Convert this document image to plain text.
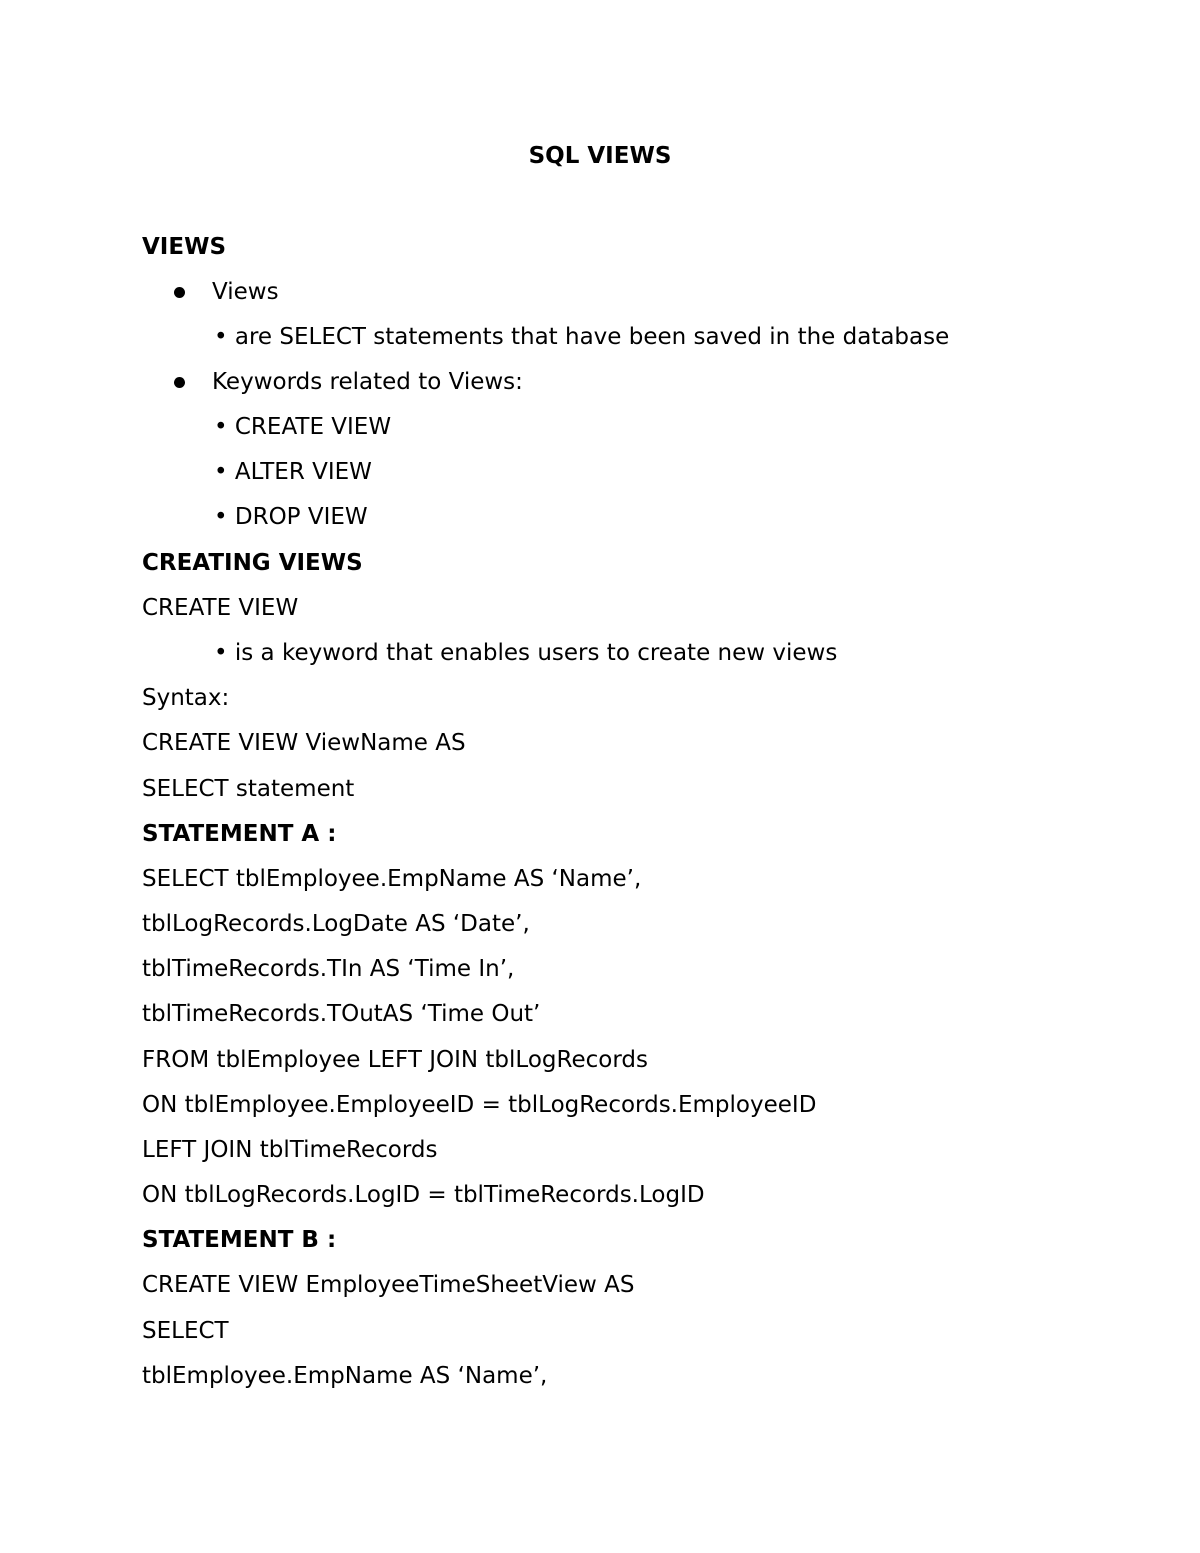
SQL VIEWS
VIEWS
Views
• are SELECT statements that have been saved in the database
Keywords related to Views:
• CREATE VIEW
• ALTER VIEW
• DROP VIEW
CREATING VIEWS
CREATE VIEW
• is a keyword that enables users to create new views
Syntax:
CREATE VIEW ViewName AS
SELECT statement
STATEMENT A :
SELECT tblEmployee.EmpName AS ‘Name’,
tblLogRecords.LogDate AS ‘Date’,
tblTimeRecords.TIn AS ‘Time In’,
tblTimeRecords.TOutAS ‘Time Out’
FROM tblEmployee LEFT JOIN tblLogRecords
ON tblEmployee.EmployeeID = tblLogRecords.EmployeeID
LEFT JOIN tblTimeRecords
ON tblLogRecords.LogID = tblTimeRecords.LogID
STATEMENT B :
CREATE VIEW EmployeeTimeSheetView AS
SELECT
tblEmployee.EmpName AS ‘Name’,
